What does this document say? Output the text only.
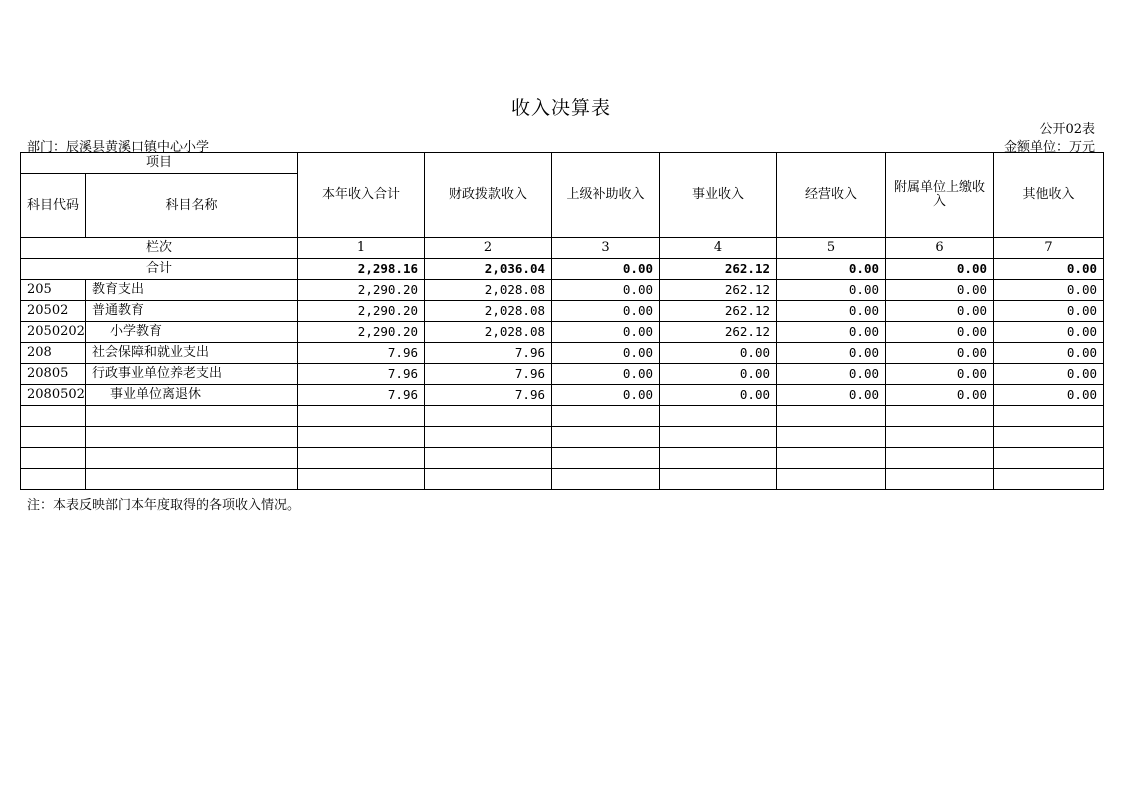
收入决算表
公开02表
部门：辰溪县黄溪口镇中心小学	金额单位：万元
项目		本年收入合计	财政拨款收入	上级补助收入	事业收入	经营收入	附属单位上缴收入	其他收入
科目代码	科目名称							
栏次		1	2	3	4	5	6	7
合计		2,298.16	2,036.04	0.00	262.12	0.00	0.00	0.00
205	教育支出	2,290.20	2,028.08	0.00	262.12	0.00	0.00	0.00
20502	普通教育	2,290.20	2,028.08	0.00	262.12	0.00	0.00	0.00
2050202	小学教育	2,290.20	2,028.08	0.00	262.12	0.00	0.00	0.00
208	社会保障和就业支出	7.96	7.96	0.00	0.00	0.00	0.00	0.00
20805	行政事业单位养老支出	7.96	7.96	0.00	0.00	0.00	0.00	0.00
2080502	事业单位离退休	7.96	7.96	0.00	0.00	0.00	0.00	0.00

注：本表反映部门本年度取得的各项收入情况。
